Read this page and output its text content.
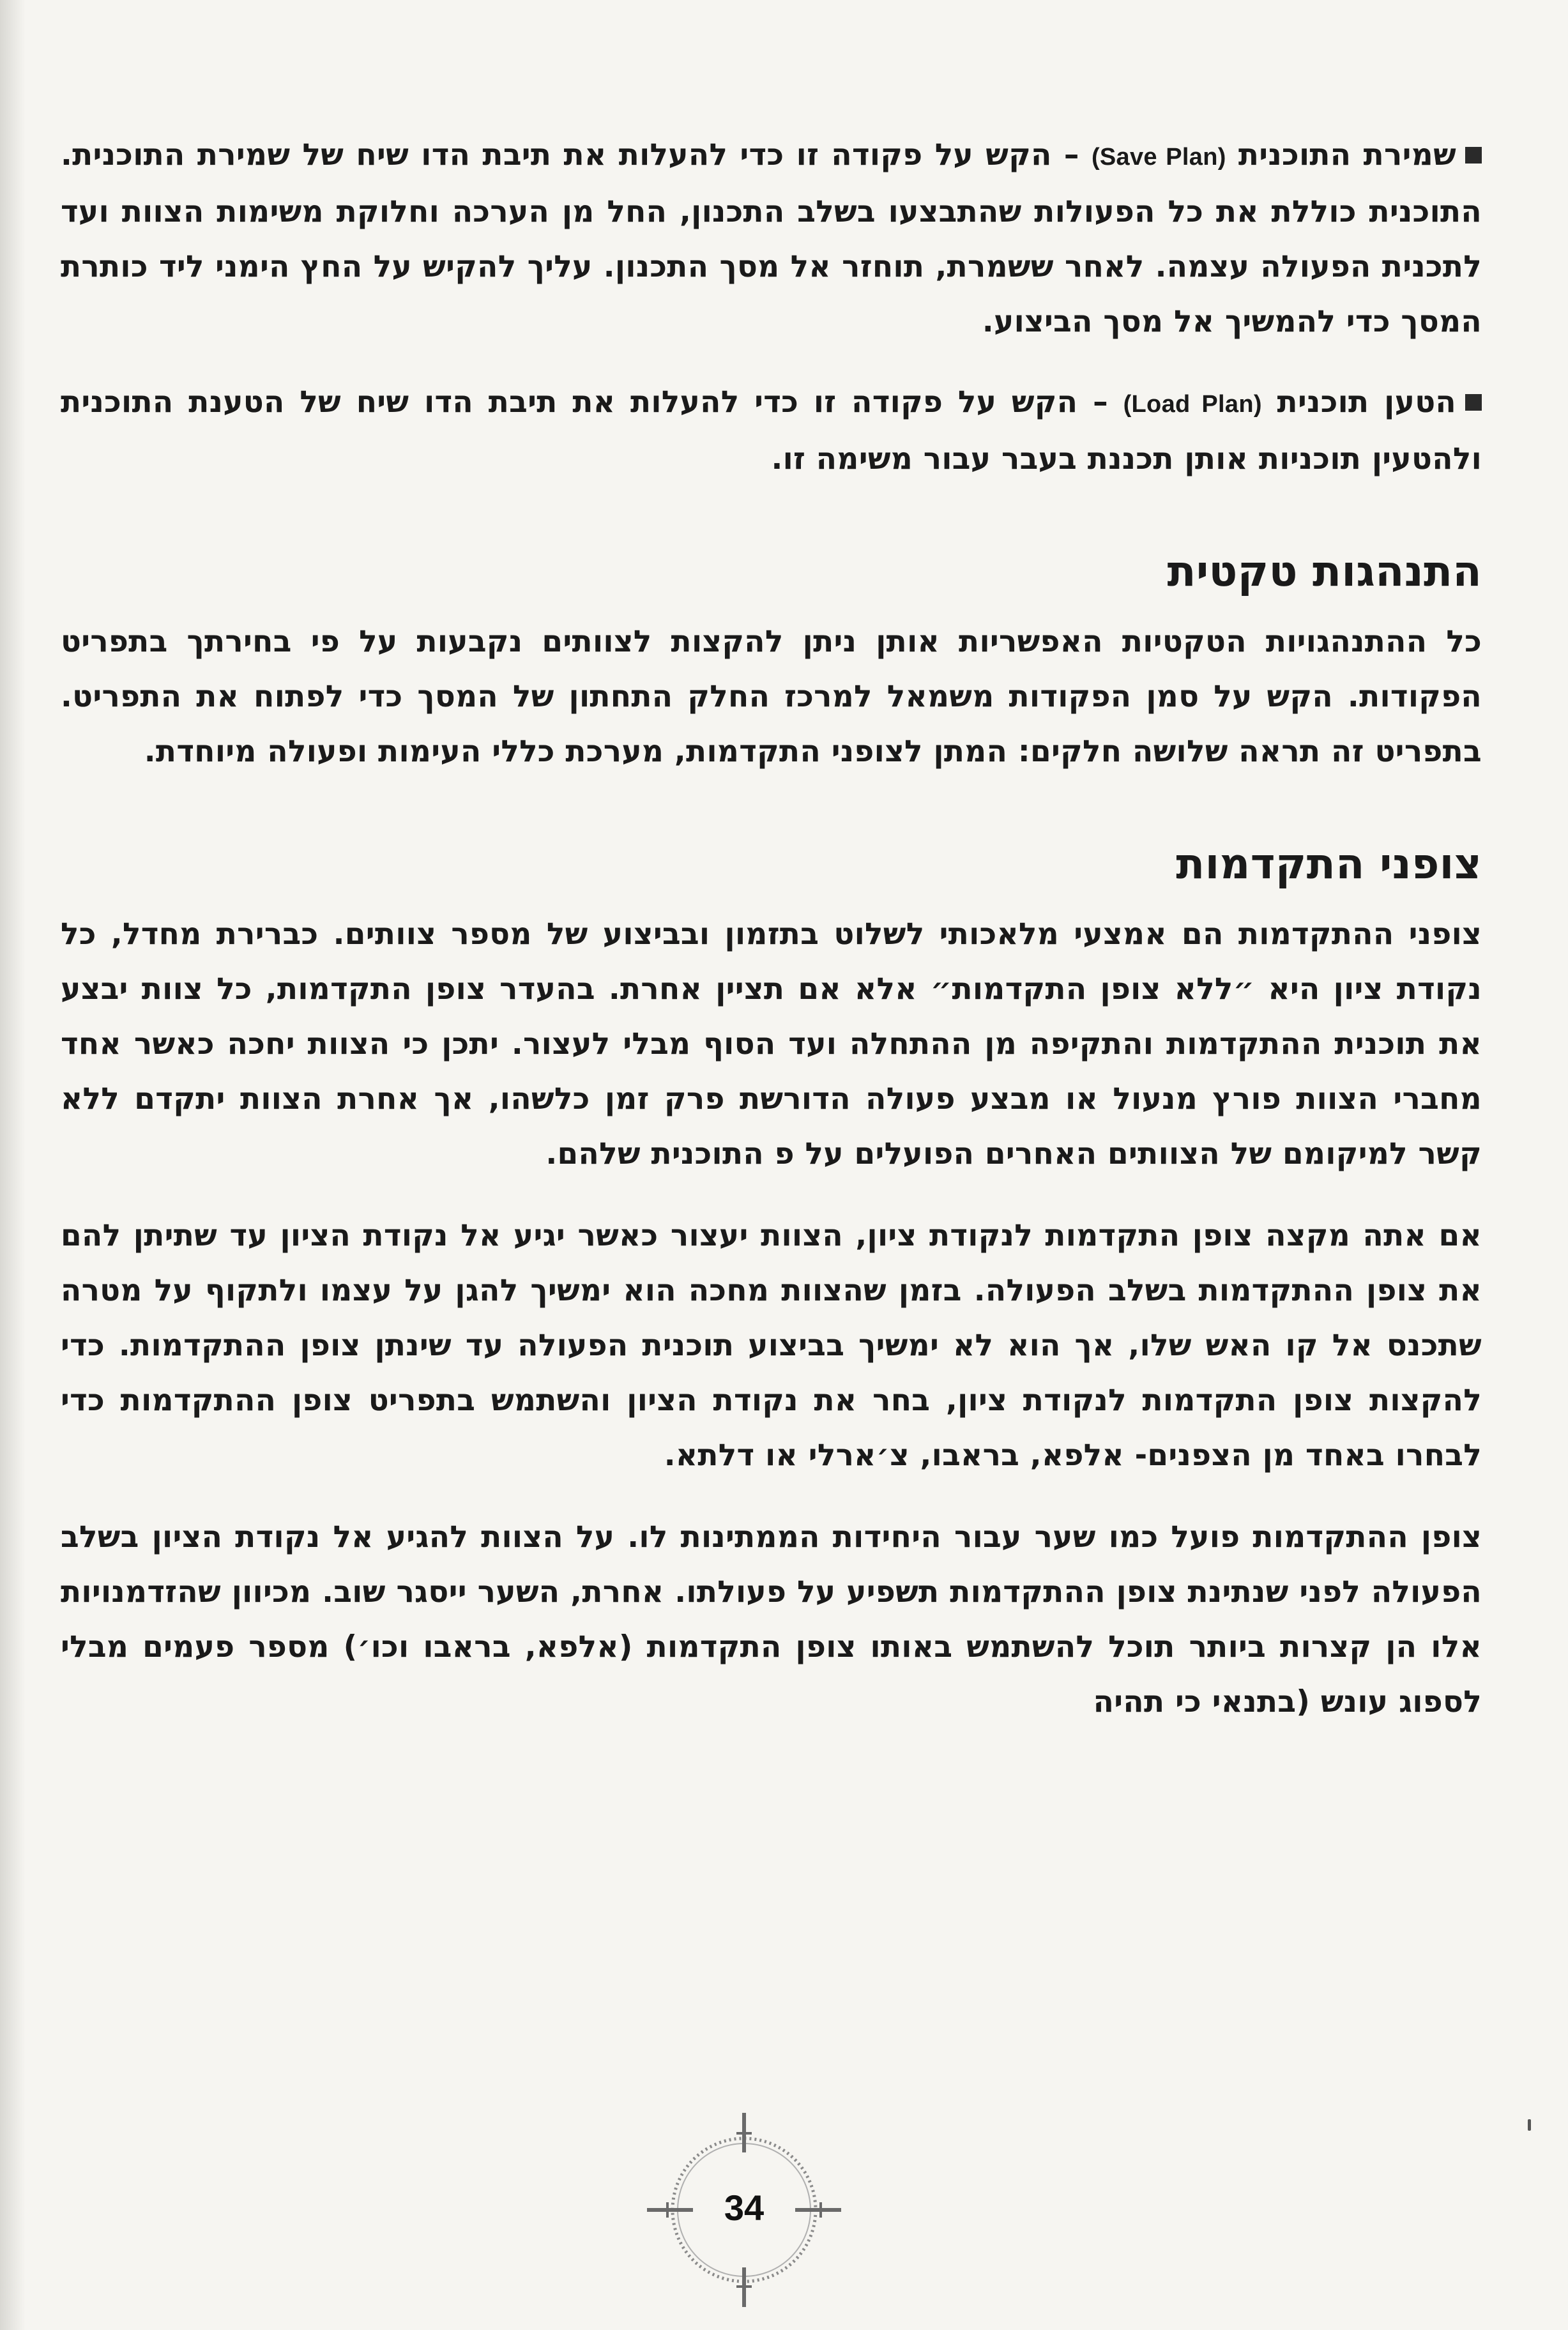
שמירת התוכנית (Save Plan) – הקש על פקודה זו כדי להעלות את תיבת הדו שיח של שמירת התוכנית. התוכנית כוללת את כל הפעולות שהתבצעו בשלב התכנון, החל מן הערכה וחלוקת משימות הצוות ועד לתכנית הפעולה עצמה. לאחר ששמרת, תוחזר אל מסך התכנון. עליך להקיש על החץ הימני ליד כותרת המסך כדי להמשיך אל מסך הביצוע.
הטען תוכנית (Load Plan) – הקש על פקודה זו כדי להעלות את תיבת הדו שיח של הטענת התוכנית ולהטעין תוכניות אותן תכננת בעבר עבור משימה זו.
התנהגות טקטית

כל ההתנהגויות הטקטיות האפשריות אותן ניתן להקצות לצוותים נקבעות על פי בחירתך בתפריט הפקודות. הקש על סמן הפקודות משמאל למרכז החלק התחתון של המסך כדי לפתוח את התפריט. בתפריט זה תראה שלושה חלקים: המתן לצופני התקדמות, מערכת כללי העימות ופעולה מיוחדת.

צופני התקדמות

צופני ההתקדמות הם אמצעי מלאכותי לשלוט בתזמון ובביצוע של מספר צוותים. כברירת מחדל, כל נקודת ציון היא ״ללא צופן התקדמות״ אלא אם תציין אחרת. בהעדר צופן התקדמות, כל צוות יבצע את תוכנית ההתקדמות והתקיפה מן ההתחלה ועד הסוף מבלי לעצור. יתכן כי הצוות יחכה כאשר אחד מחברי הצוות פורץ מנעול או מבצע פעולה הדורשת פרק זמן כלשהו, אך אחרת הצוות יתקדם ללא קשר למיקומם של הצוותים האחרים הפועלים על פ התוכנית שלהם.

אם אתה מקצה צופן התקדמות לנקודת ציון, הצוות יעצור כאשר יגיע אל נקודת הציון עד שתיתן להם את צופן ההתקדמות בשלב הפעולה. בזמן שהצוות מחכה הוא ימשיך להגן על עצמו ולתקוף על מטרה שתכנס אל קו האש שלו, אך הוא לא ימשיך בביצוע תוכנית הפעולה עד שינתן צופן ההתקדמות. כדי להקצות צופן התקדמות לנקודת ציון, בחר את נקודת הציון והשתמש בתפריט צופן ההתקדמות כדי לבחרו באחד מן הצפנים- אלפא, בראבו, צ׳ארלי או דלתא.

צופן ההתקדמות פועל כמו שער עבור היחידות הממתינות לו. על הצוות להגיע אל נקודת הציון בשלב הפעולה לפני שנתינת צופן ההתקדמות תשפיע על פעולתו. אחרת, השער ייסגר שוב. מכיוון שהזדמנויות אלו הן קצרות ביותר תוכל להשתמש באותו צופן התקדמות (אלפא, בראבו וכו׳) מספר פעמים מבלי לספוג עונש (בתנאי כי תהיה

34
